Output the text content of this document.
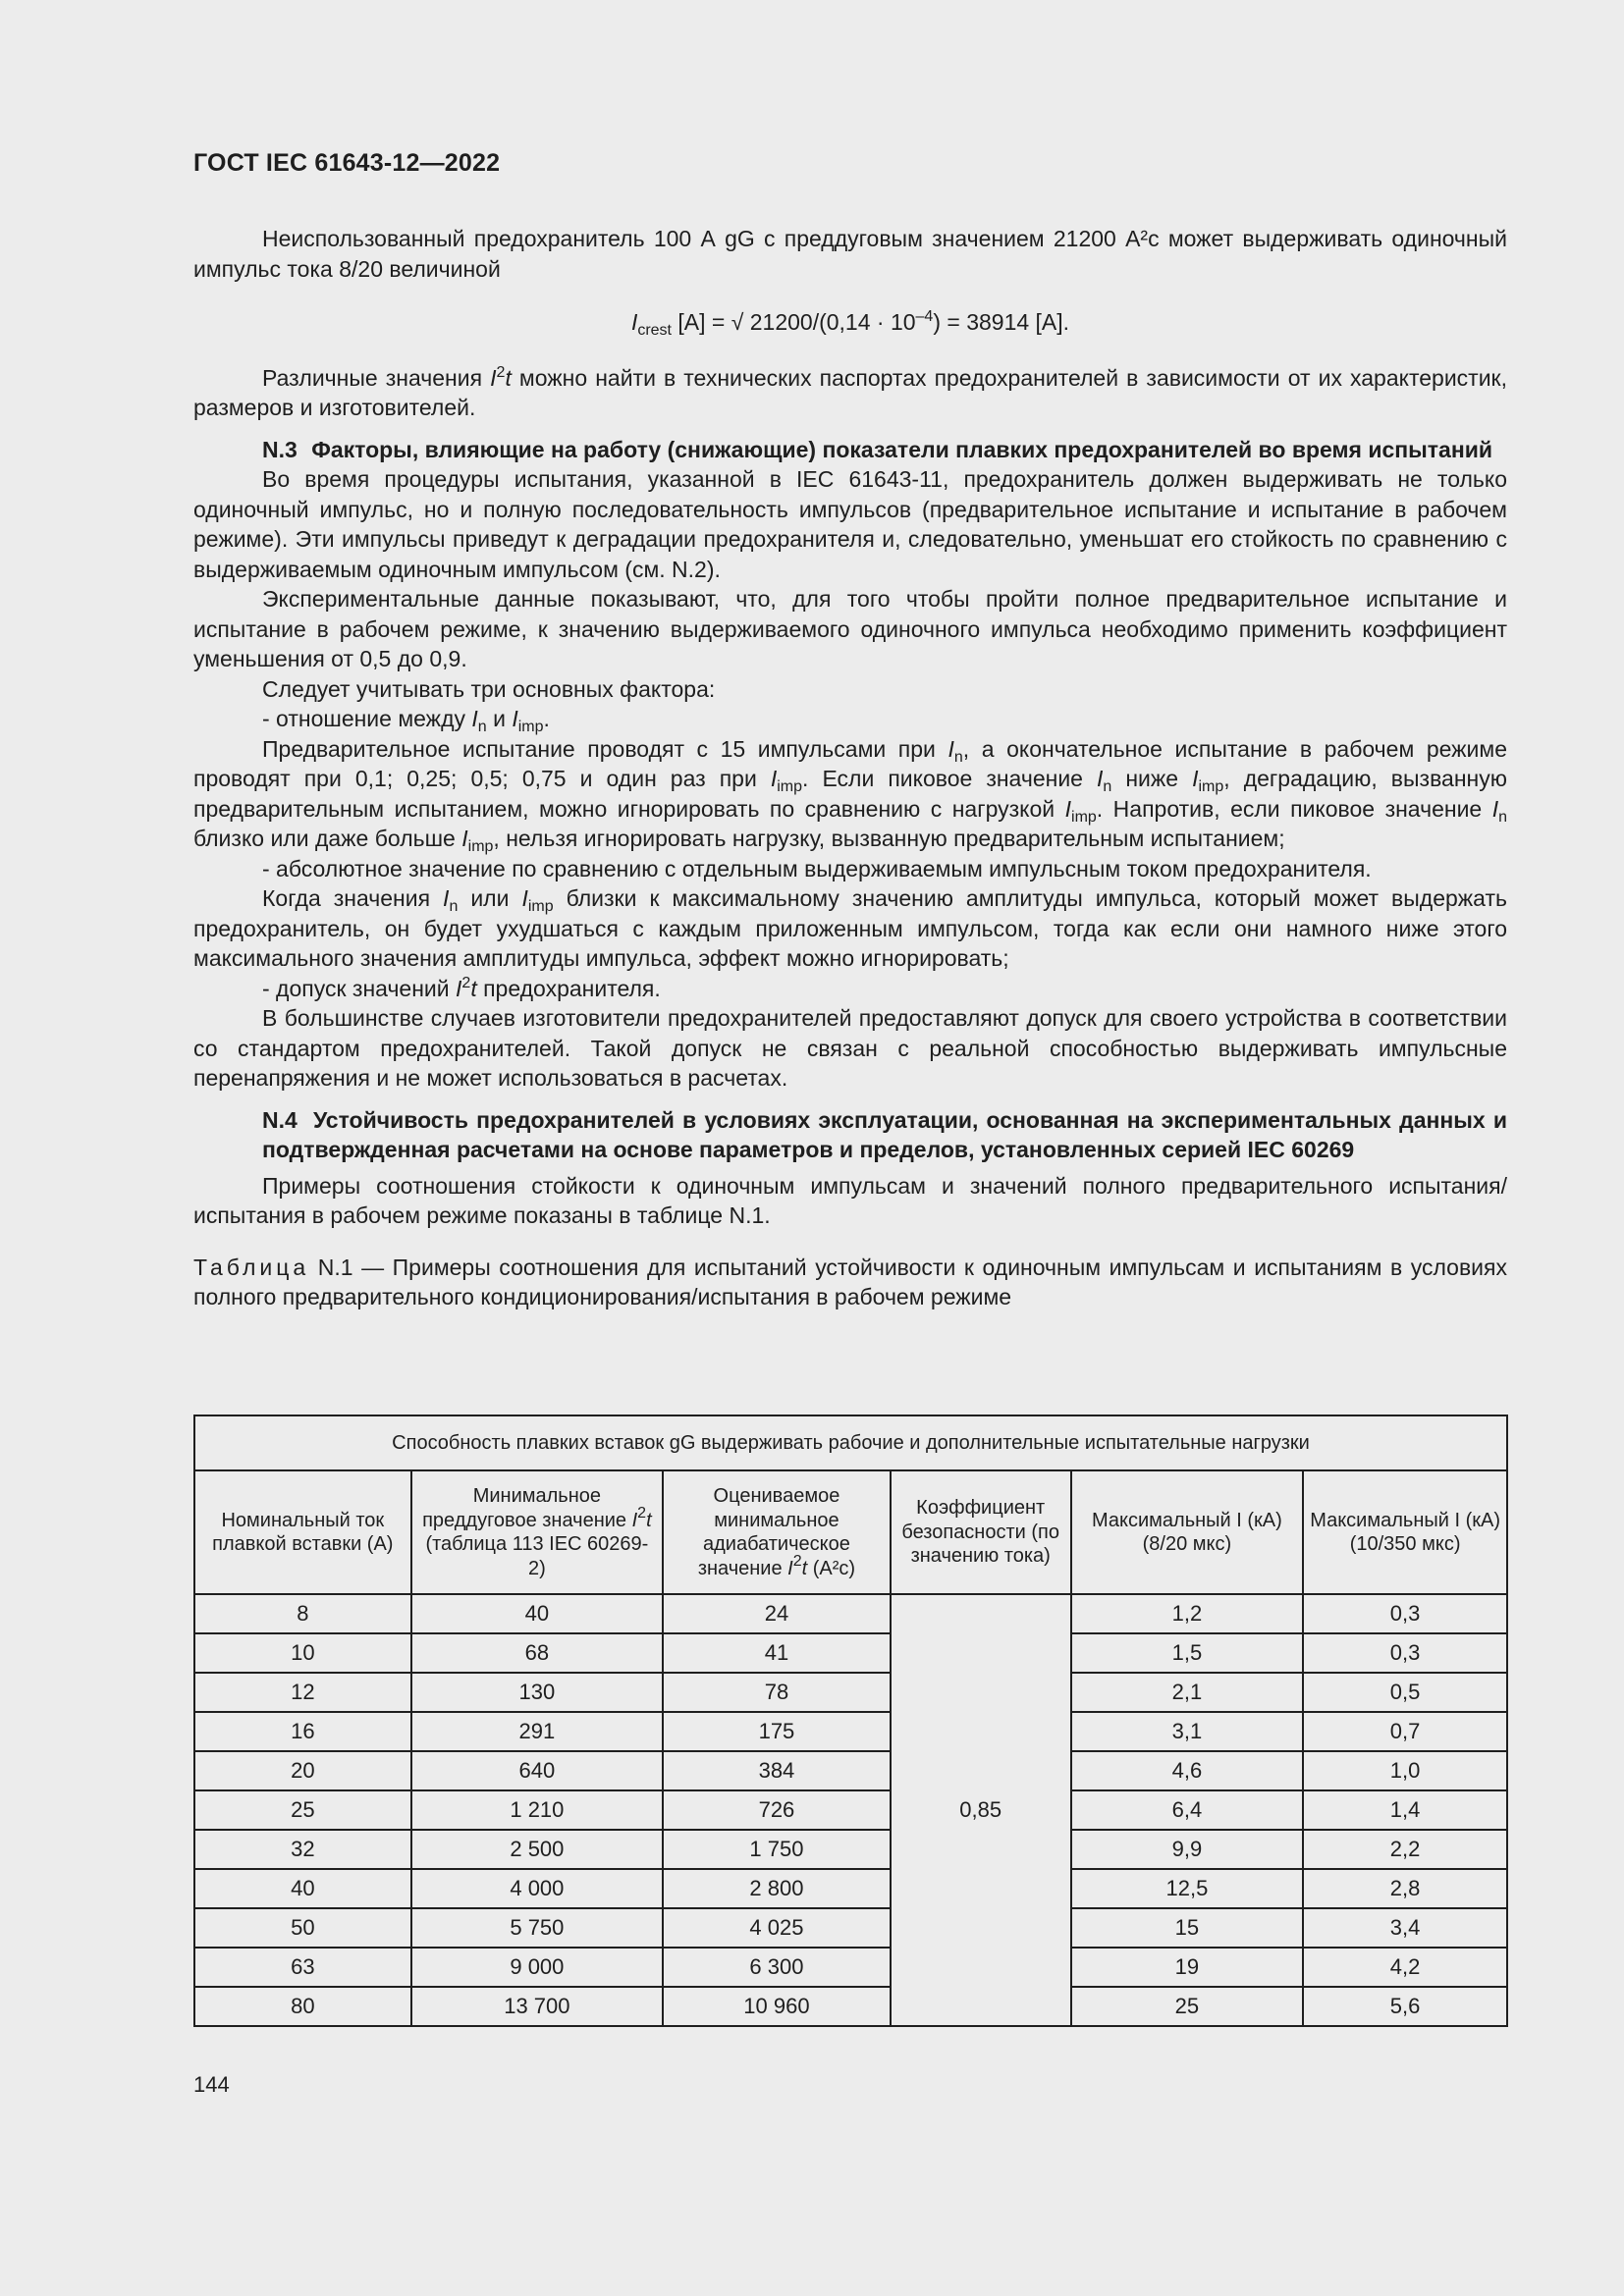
ГОСТ IEC 61643-12—2022

Неиспользованный предохранитель 100 А gG с преддуговым значением 21200 А²с может выдерживать одиночный импульс тока 8/20 величиной

$I_{crest}$ [А] = √ $21200/(0,14 \cdot 10^{-4}) = 38914$ [А].

Различные значения $I^2t$ можно найти в технических паспортах предохранителей в зависимости от их характеристик, размеров и изготовителей.

N.3 Факторы, влияющие на работу (снижающие) показатели плавких предохранителей во время испытаний

Во время процедуры испытания, указанной в IEC 61643-11, предохранитель должен выдерживать не только одиночный импульс, но и полную последовательность импульсов (предварительное испытание и испытание в рабочем режиме). Эти импульсы приведут к деградации предохранителя и, следовательно, уменьшат его стойкость по сравнению с выдерживаемым одиночным импульсом (см. N.2).

Экспериментальные данные показывают, что, для того чтобы пройти полное предварительное испытание и испытание в рабочем режиме, к значению выдерживаемого одиночного импульса необходимо применить коэффициент уменьшения от 0,5 до 0,9.

Следует учитывать три основных фактора:

- отношение между $I_n$ и $I_{imp}$.

Предварительное испытание проводят с 15 импульсами при $I_n$, а окончательное испытание в рабочем режиме проводят при 0,1; 0,25; 0,5; 0,75 и один раз при $I_{imp}$. Если пиковое значение $I_n$ ниже $I_{imp}$, деградацию, вызванную предварительным испытанием, можно игнорировать по сравнению с нагрузкой $I_{imp}$. Напротив, если пиковое значение $I_n$ близко или даже больше $I_{imp}$, нельзя игнорировать нагрузку, вызванную предварительным испытанием;

- абсолютное значение по сравнению с отдельным выдерживаемым импульсным током предохранителя.

Когда значения $I_n$ или $I_{imp}$ близки к максимальному значению амплитуды импульса, который может выдержать предохранитель, он будет ухудшаться с каждым приложенным импульсом, тогда как если они намного ниже этого максимального значения амплитуды импульса, эффект можно игнорировать;

- допуск значений $I^2t$ предохранителя.

В большинстве случаев изготовители предохранителей предоставляют допуск для своего устройства в соответствии со стандартом предохранителей. Такой допуск не связан с реальной способностью выдерживать импульсные перенапряжения и не может использоваться в расчетах.

N.4 Устойчивость предохранителей в условиях эксплуатации, основанная на экспериментальных данных и подтвержденная расчетами на основе параметров и пределов, установленных серией IEC 60269

Примеры соотношения стойкости к одиночным импульсам и значений полного предварительного испытания/испытания в рабочем режиме показаны в таблице N.1.

Таблица N.1 — Примеры соотношения для испытаний устойчивости к одиночным импульсам и испытаниям в условиях полного предварительного кондиционирования/испытания в рабочем режиме

Способность плавких вставок gG выдерживать рабочие и дополнительные испытательные нагрузки					
Номинальный ток плавкой вставки (А)	Минимальное преддуговое значение $I^2t$ (таблица 113 IEC 60269-2)	Оцениваемое минимальное адиабатическое значение $I^2t$ (А²с)	Коэффициент безопасности (по значению тока)	Максимальный I (кА) (8/20 мкс)	Максимальный I (кА) (10/350 мкс)
8	40	24	0,85	1,2	0,3
10	68	41		1,5	0,3
12	130	78		2,1	0,5
16	291	175		3,1	0,7
20	640	384		4,6	1,0
25	1 210	726		6,4	1,4
32	2 500	1 750		9,9	2,2
40	4 000	2 800		12,5	2,8
50	5 750	4 025		15	3,4
63	9 000	6 300		19	4,2
80	13 700	10 960		25	5,6
144
